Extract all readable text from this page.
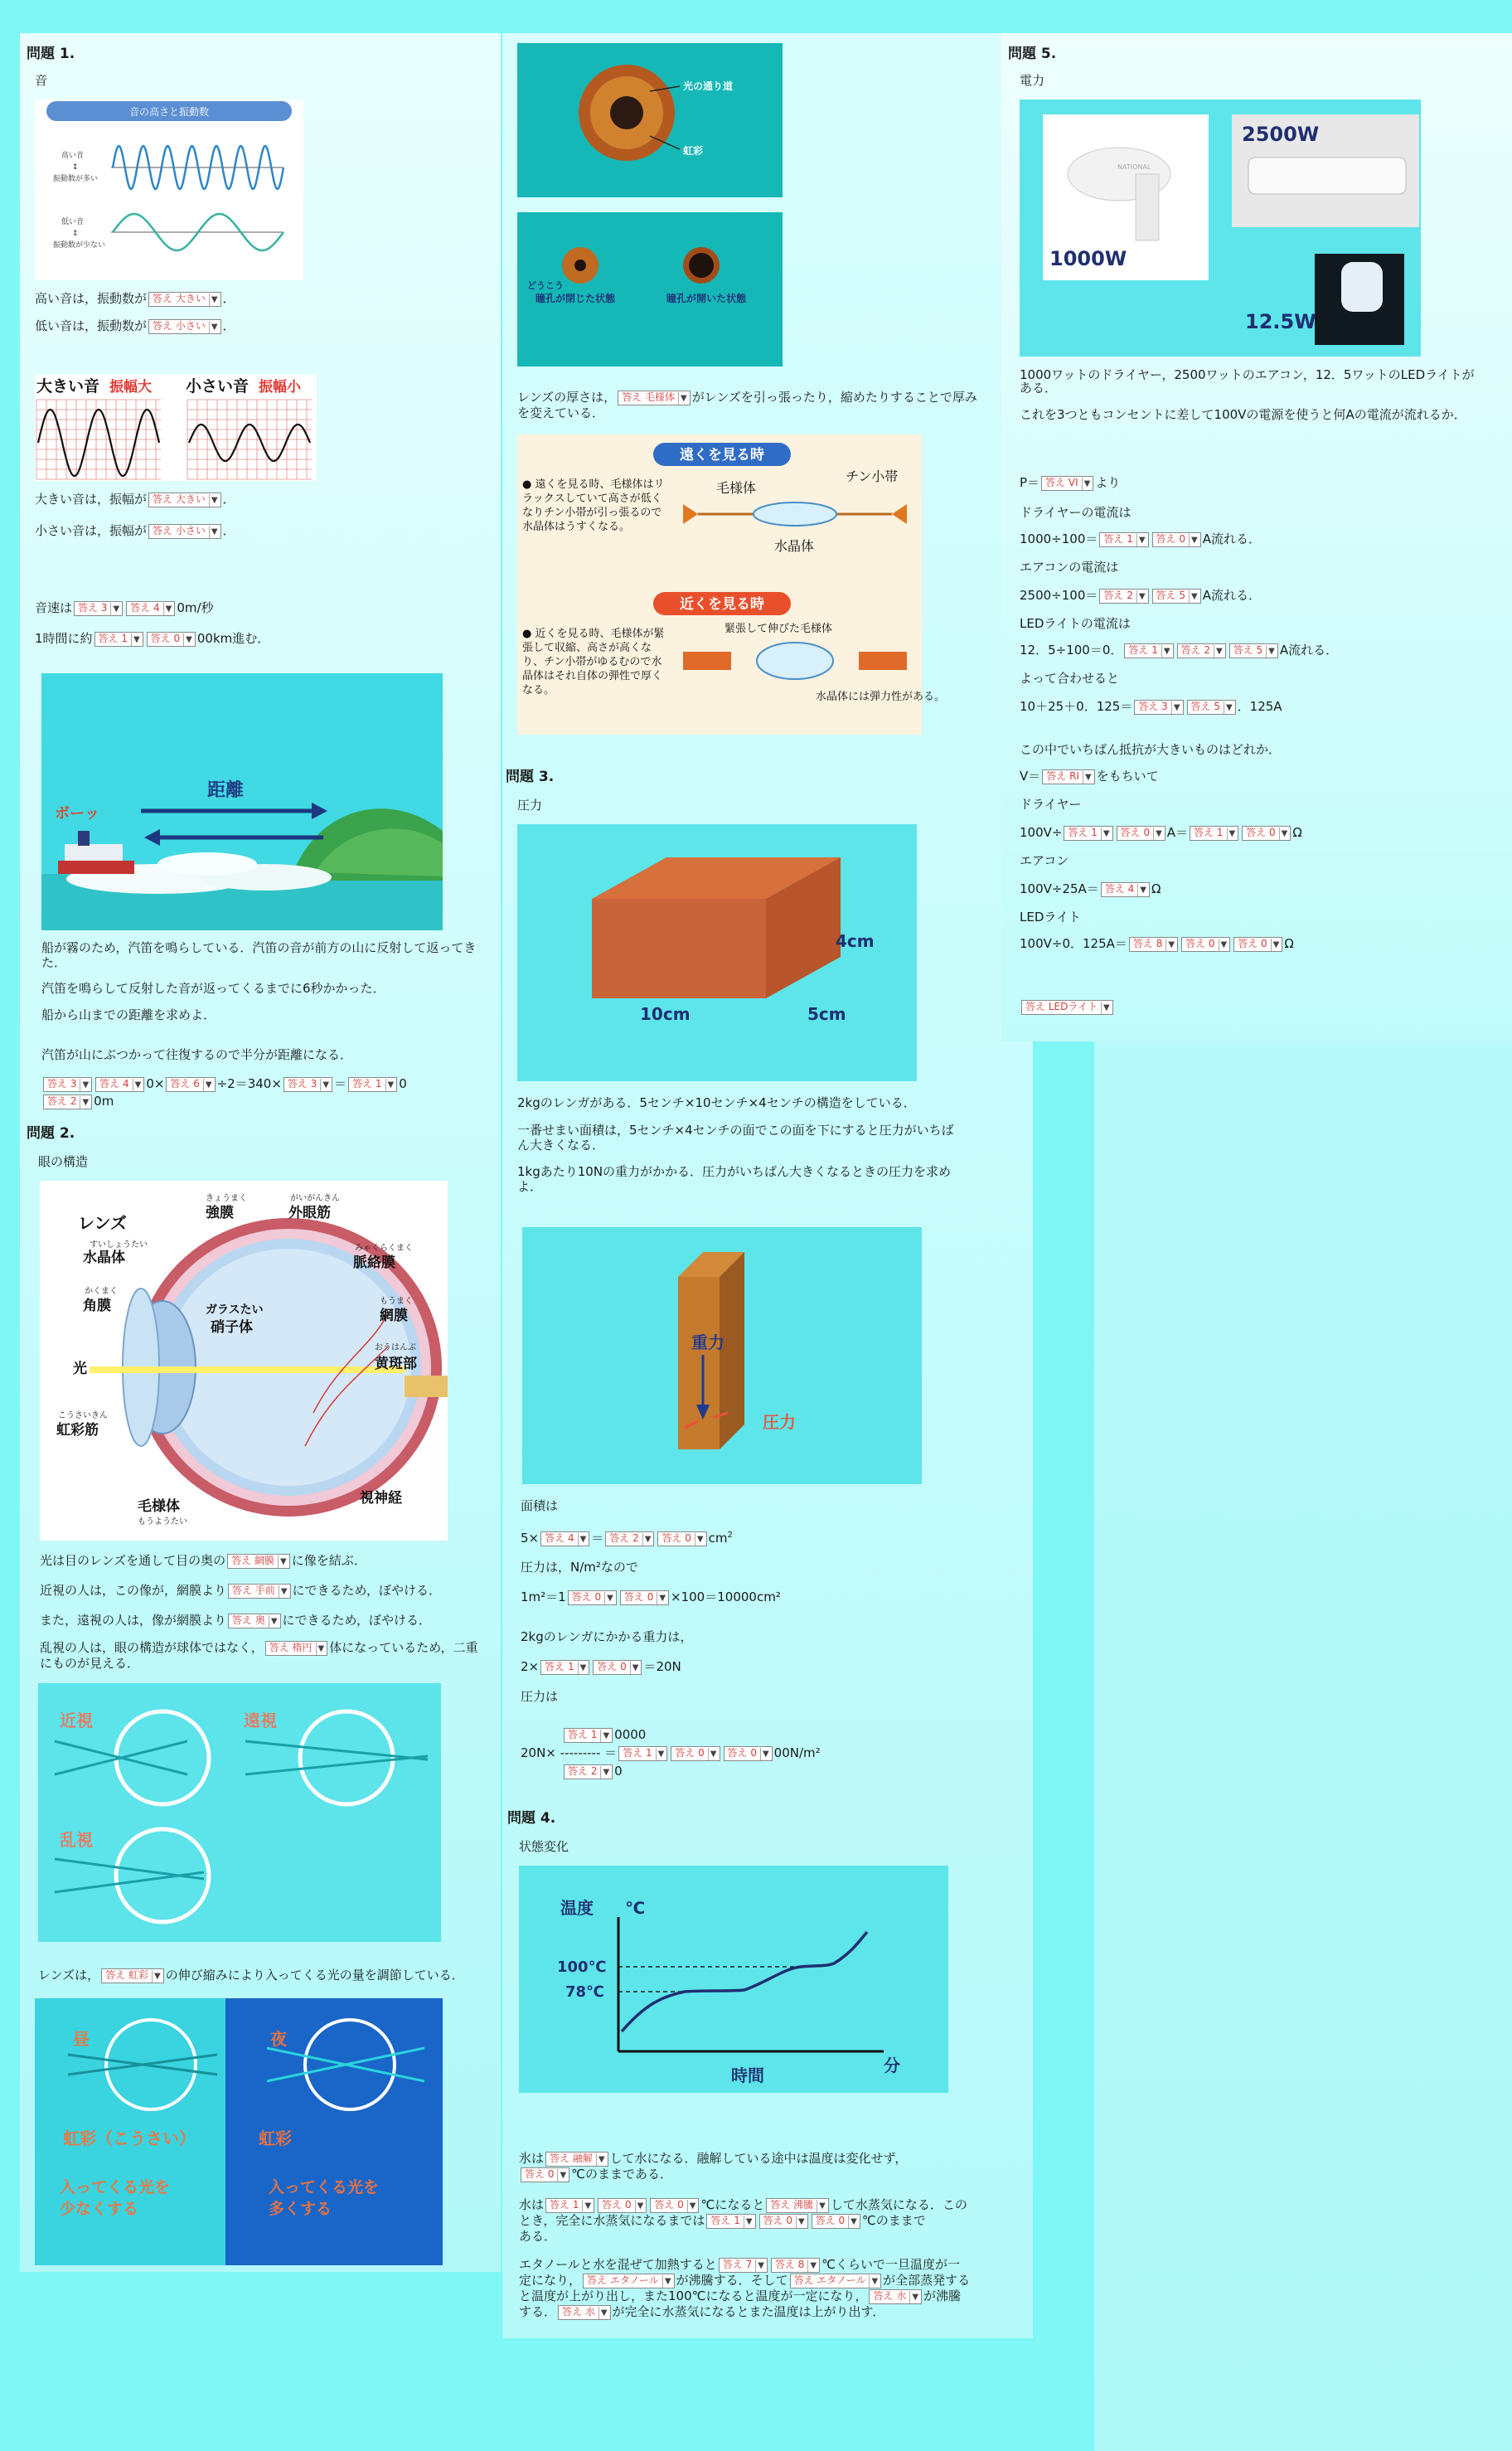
問題 1.
音
音の高さと振動数
高い音
↕
振動数が多い
低い音
↕
振動数が少ない
高い音は，振動数が 答え 大きい ▼ ．
低い音は，振動数が 答え 小さい ▼ ．
大きい音 振幅大 小さい音 振幅小
大きい音は，振幅が 答え 大きい ▼ ．
小さい音は，振幅が 答え 小さい ▼ ．
音速は 答え 3 ▼ 答え 4 ▼ 0m/秒
1時間に約 答え 1 ▼ 答え 0 ▼ 00km進む．
距離
ボーッ
船が霧のため，汽笛を鳴らしている．汽笛の音が前方の山に反射して返ってきた．
汽笛を鳴らして反射した音が返ってくるまでに6秒かかった．
船から山までの距離を求めよ．
汽笛が山にぶつかって往復するので半分が距離になる．
答え 3 ▼ 答え 4 ▼ 0× 答え 6 ▼ ÷2＝340× 答え 3 ▼ ＝ 答え 1 ▼ 0
答え 2 ▼ 0m
問題 2.
眼の構造
レンズ
すいしょうたい
水晶体
かくまく
角膜
光
こうさいきん
虹彩筋
毛様体
もうようたい
きょうまく
強膜
がいがんきん
外眼筋
みゃくらくまく
脈絡膜
ガラスたい
硝子体
もうまく
網膜
おうはんぶ
黄斑部
視神経
光は目のレンズを通して目の奥の 答え 網膜 ▼ に像を結ぶ．
近視の人は，この像が，網膜より 答え 手前 ▼ にできるため，ぼやける．
また，遠視の人は，像が網膜より 答え 奥 ▼ にできるため，ぼやける．
乱視の人は，眼の構造が球体ではなく， 答え 楕円 ▼ 体になっているため，二重にものが見える．
近視	遠視
乱視
レンズは， 答え 虹彩 ▼ の伸び縮みにより入ってくる光の量を調節している．
昼
虹彩（こうさい）
入ってくる光を
少なくする
夜
虹彩
入ってくる光を
多くする
光の通り道
虹彩
どうこう
瞳孔が閉じた状態	瞳孔が開いた状態
レンズの厚さは， 答え 毛様体 ▼ がレンズを引っ張ったり，縮めたりすることで厚みを変えている．
遠くを見る時
● 遠くを見る時、毛様体はリラックスしていて高さが低くなりチン小帯が引っ張るので水晶体はうすくなる。
毛様体
チン小帯
水晶体
近くを見る時
● 近くを見る時、毛様体が緊張して収縮、高さが高くなり、チン小帯がゆるむので水晶体はそれ自体の弾性で厚くなる。
緊張して伸びた毛様体
水晶体には弾力性がある。
問題 3.
圧力
4cm
10cm	5cm
2kgのレンガがある．5センチ×10センチ×4センチの構造をしている．
一番せまい面積は，5センチ×4センチの面でこの面を下にすると圧力がいちばん大きくなる．
1kgあたり10Nの重力がかかる．圧力がいちばん大きくなるときの圧力を求めよ．
重力
圧力
面積は
5× 答え 4 ▼ ＝ 答え 2 ▼ 答え 0 ▼ $cm^2$
圧力は，N/m²なので
1m²＝1 答え 0 ▼ 答え 0 ▼ ×100＝10000cm²
2kgのレンガにかかる重力は，
2× 答え 1 ▼ 答え 0 ▼ ＝20N
圧力は
答え 1 ▼ 0000
20N× --------- ＝ 答え 1 ▼ 答え 0 ▼ 答え 0 ▼ 00N/m²
答え 2 ▼ 0
問題 4.
状態変化
温度 ℃
100℃
78℃
時間	分
氷は 答え 融解 ▼ して水になる．融解している途中は温度は変化せず，
答え 0 ▼ ℃のままである．
水は 答え 1 ▼ 答え 0 ▼ 答え 0 ▼ ℃になると 答え 沸騰 ▼ して水蒸気になる．この
とき，完全に水蒸気になるまでは 答え 1 ▼ 答え 0 ▼ 答え 0 ▼ ℃のままで
ある．
エタノールと水を混ぜて加熱すると 答え 7 ▼ 答え 8 ▼ ℃くらいで一旦温度が一
定になり， 答え エタノール ▼ が沸騰する．そして 答え エタノール ▼ が全部蒸発する
と温度が上がり出し，また100℃になると温度が一定になり， 答え 水 ▼ が沸騰
する． 答え 水 ▼ が完全に水蒸気になるとまた温度は上がり出す．
問題 5.
電力
NATIONAL
1000W
2500W
12.5W
1000ワットのドライヤー，2500ワットのエアコン，12．5ワットのLEDライトがある．
これを3つともコンセントに差して100Vの電源を使うと何Aの電流が流れるか．
P＝ 答え VI ▼ より
ドライヤーの電流は
1000÷100＝ 答え 1 ▼ 答え 0 ▼ A流れる．
エアコンの電流は
2500÷100＝ 答え 2 ▼ 答え 5 ▼ A流れる．
LEDライトの電流は
12．5÷100＝0． 答え 1 ▼ 答え 2 ▼ 答え 5 ▼ A流れる．
よって合わせると
10＋25＋0．125＝ 答え 3 ▼ 答え 5 ▼ ．125A
この中でいちばん抵抗が大きいものはどれか．
V＝ 答え RI ▼ をもちいて
ドライヤー
100V÷ 答え 1 ▼ 答え 0 ▼ A＝ 答え 1 ▼ 答え 0 ▼ Ω
エアコン
100V÷25A＝ 答え 4 ▼ Ω
LEDライト
100V÷0．125A＝ 答え 8 ▼ 答え 0 ▼ 答え 0 ▼ Ω
答え LEDライト ▼
